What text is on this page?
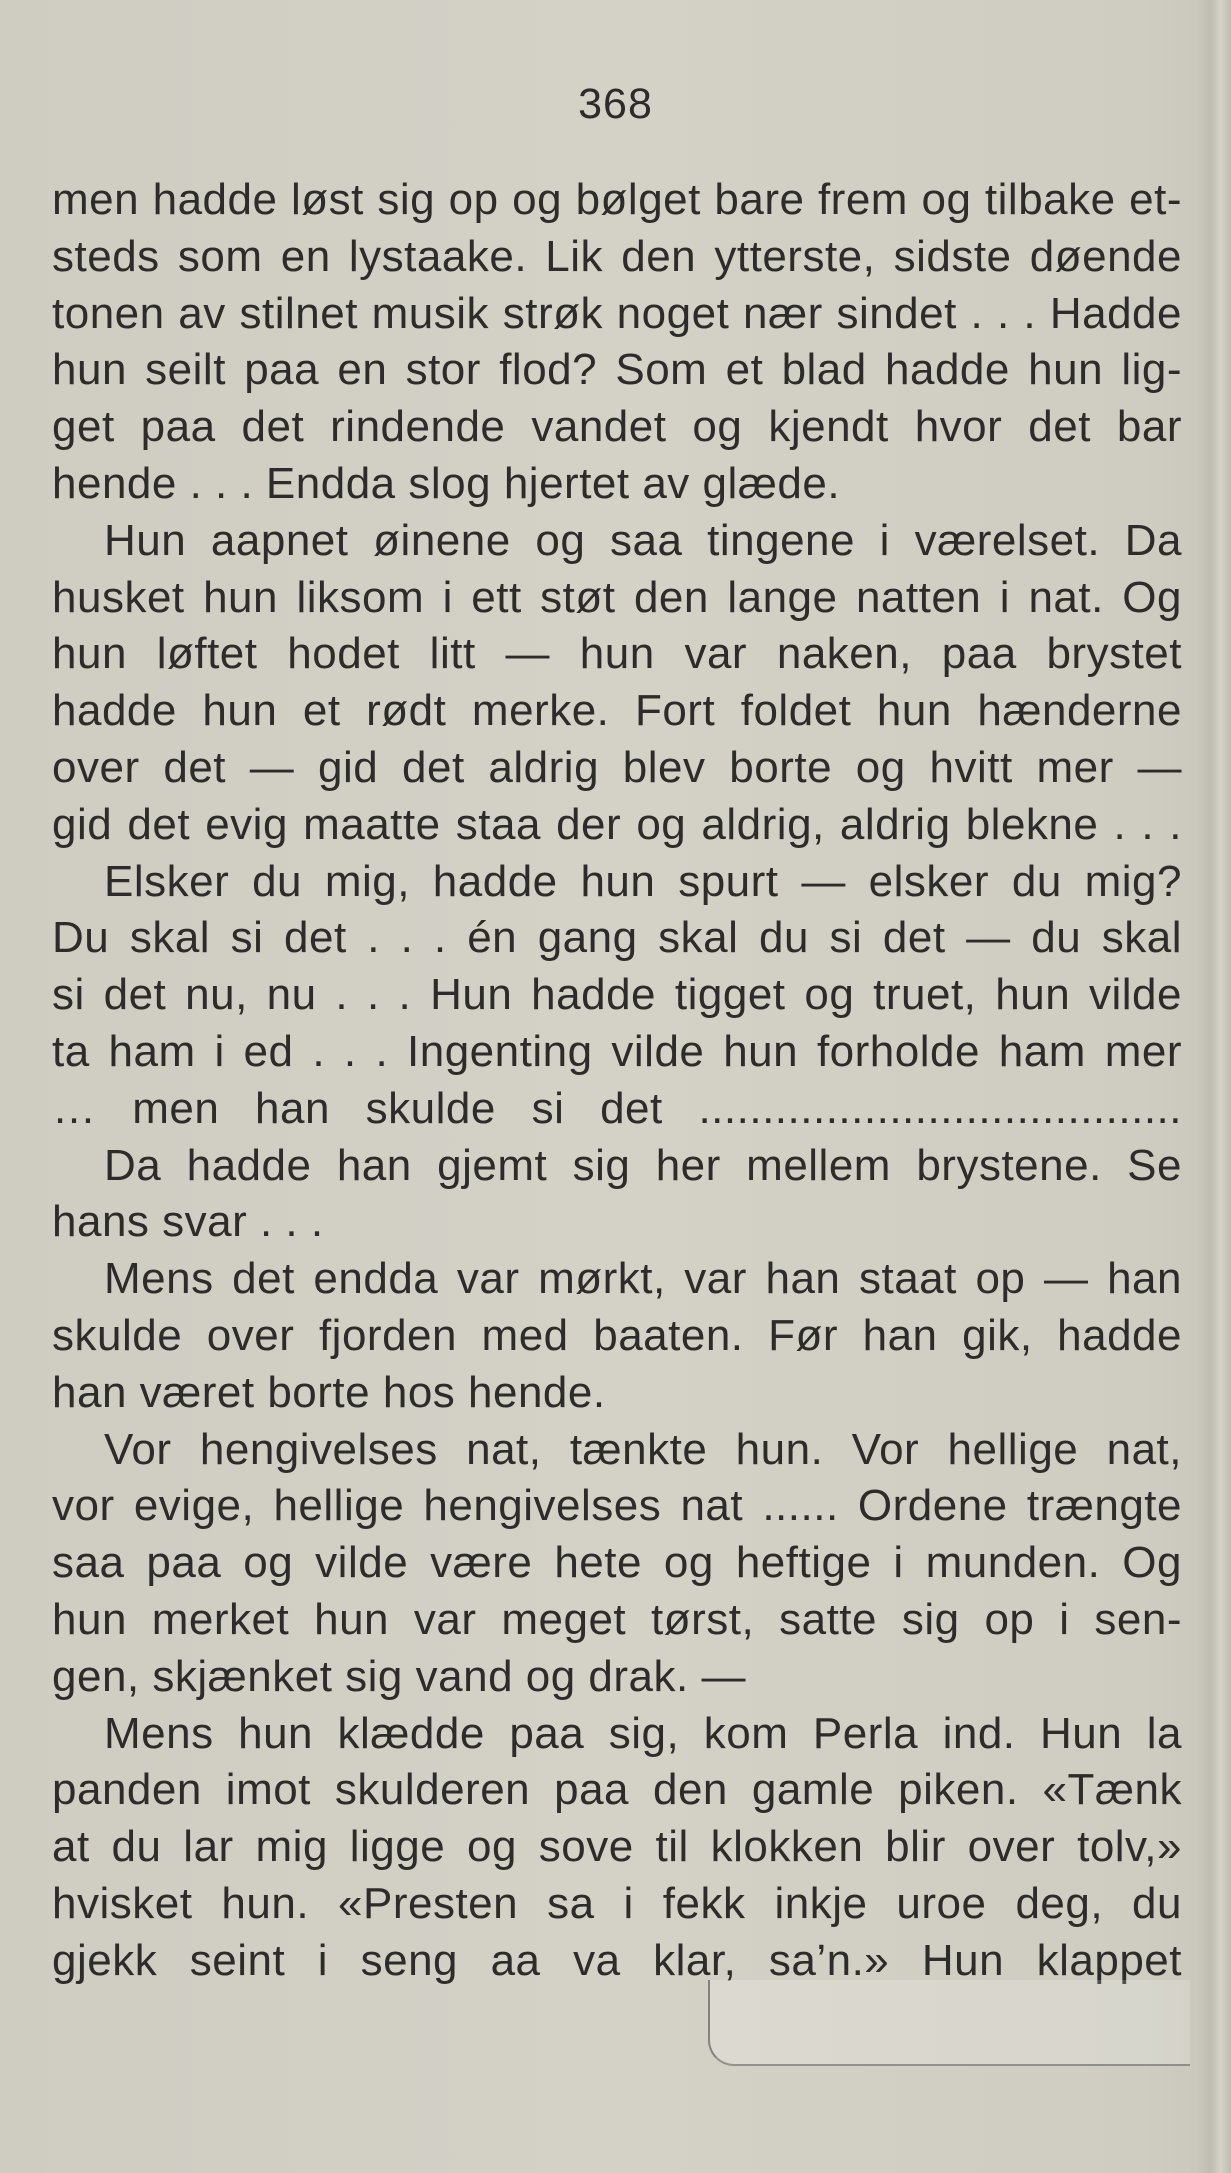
368
men hadde løst sig op og bølget bare frem og tilbake et-
steds som en lystaake. Lik den ytterste, sidste døende
tonen av stilnet musik strøk noget nær sindet . . . Hadde
hun seilt paa en stor flod? Som et blad hadde hun lig-
get paa det rindende vandet og kjendt hvor det bar
hende . . . Endda slog hjertet av glæde.
Hun aapnet øinene og saa tingene i værelset. Da
husket hun liksom i ett støt den lange natten i nat. Og
hun løftet hodet litt — hun var naken, paa brystet
hadde hun et rødt merke. Fort foldet hun hænderne
over det — gid det aldrig blev borte og hvitt mer —
gid det evig maatte staa der og aldrig, aldrig blekne . . .
Elsker du mig, hadde hun spurt — elsker du mig?
Du skal si det . . . én gang skal du si det — du skal
si det nu, nu . . . Hun hadde tigget og truet, hun vilde
ta ham i ed . . . Ingenting vilde hun forholde ham mer
… men han skulde si det ......................................
Da hadde han gjemt sig her mellem brystene. Se
hans svar . . .
Mens det endda var mørkt, var han staat op — han
skulde over fjorden med baaten. Før han gik, hadde
han været borte hos hende.
Vor hengivelses nat, tænkte hun. Vor hellige nat,
vor evige, hellige hengivelses nat ...... Ordene trængte
saa paa og vilde være hete og heftige i munden. Og
hun merket hun var meget tørst, satte sig op i sen-
gen, skjænket sig vand og drak. —
Mens hun klædde paa sig, kom Perla ind. Hun la
panden imot skulderen paa den gamle piken. «Tænk
at du lar mig ligge og sove til klokken blir over tolv,»
hvisket hun. «Presten sa i fekk inkje uroe deg, du
gjekk seint i seng aa va klar, sa’n.» Hun klappet
